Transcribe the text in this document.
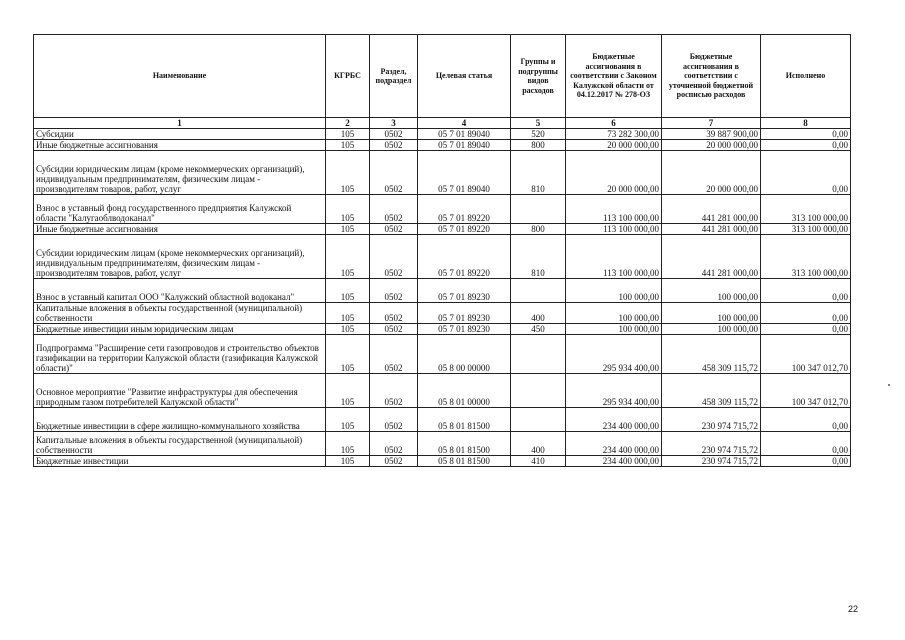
Наименование	КГРБС	Раздел, подраздел	Целевая статья	Группы и подгруппы видов расходов	Бюджетные ассигнования в соответствии с Законом Калужской области от 04.12.2017 № 278-ОЗ	Бюджетные ассигнования в соответствии с уточненной бюджетной росписью расходов	Исполнено
1	2	3	4	5	6	7	8
Субсидии	105	0502	05 7 01 89040	520	73 282 300,00	39 887 900,00	0,00
Иные бюджетные ассигнования	105	0502	05 7 01 89040	800	20 000 000,00	20 000 000,00	0,00
Субсидии юридическим лицам (кроме некоммерческих организаций), индивидуальным предпринимателям, физическим лицам - производителям товаров, работ, услуг	105	0502	05 7 01 89040	810	20 000 000,00	20 000 000,00	0,00
Взнос в уставный фонд государственного предприятия Калужской области "Калугаоблводоканал"	105	0502	05 7 01 89220		113 100 000,00	441 281 000,00	313 100 000,00
Иные бюджетные ассигнования	105	0502	05 7 01 89220	800	113 100 000,00	441 281 000,00	313 100 000,00
Субсидии юридическим лицам (кроме некоммерческих организаций), индивидуальным предпринимателям, физическим лицам - производителям товаров, работ, услуг	105	0502	05 7 01 89220	810	113 100 000,00	441 281 000,00	313 100 000,00
Взнос в уставный капитал ООО "Калужский областной водоканал"	105	0502	05 7 01 89230		100 000,00	100 000,00	0,00
Капитальные вложения в объекты государственной (муниципальной) собственности	105	0502	05 7 01 89230	400	100 000,00	100 000,00	0,00
Бюджетные инвестиции иным юридическим лицам	105	0502	05 7 01 89230	450	100 000,00	100 000,00	0,00
Подпрограмма "Расширение сети газопроводов и строительство объектов газификации на территории Калужской области (газификация Калужской области)"	105	0502	05 8 00 00000		295 934 400,00	458 309 115,72	100 347 012,70
Основное мероприятие "Развитие инфраструктуры для обеспечения природным газом потребителей Калужской области"	105	0502	05 8 01 00000		295 934 400,00	458 309 115,72	100 347 012,70
Бюджетные инвестиции в сфере жилищно-коммунального хозяйства	105	0502	05 8 01 81500		234 400 000,00	230 974 715,72	0,00
Капитальные вложения в объекты государственной (муниципальной) собственности	105	0502	05 8 01 81500	400	234 400 000,00	230 974 715,72	0,00
Бюджетные инвестиции	105	0502	05 8 01 81500	410	234 400 000,00	230 974 715,72	0,00
22
